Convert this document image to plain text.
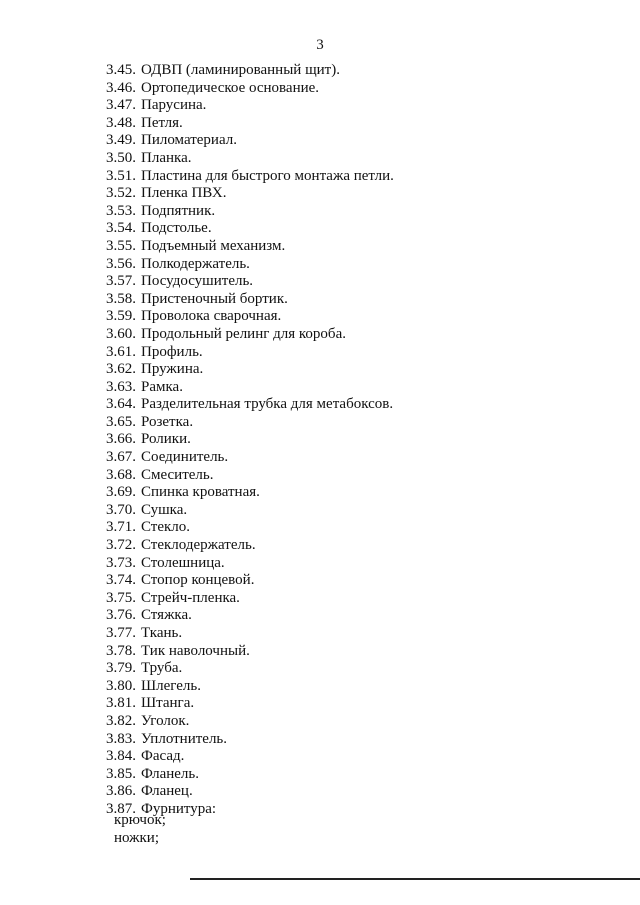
3
3.45. ОДВП (ламинированный щит).
3.46. Ортопедическое основание.
3.47. Парусина.
3.48. Петля.
3.49. Пиломатериал.
3.50. Планка.
3.51. Пластина для быстрого монтажа петли.
3.52. Пленка ПВХ.
3.53. Подпятник.
3.54. Подстолье.
3.55. Подъемный механизм.
3.56. Полкодержатель.
3.57. Посудосушитель.
3.58. Пристеночный бортик.
3.59. Проволока сварочная.
3.60. Продольный релинг для короба.
3.61. Профиль.
3.62. Пружина.
3.63. Рамка.
3.64. Разделительная трубка для метабоксов.
3.65. Розетка.
3.66. Ролики.
3.67. Соединитель.
3.68. Смеситель.
3.69. Спинка кроватная.
3.70. Сушка.
3.71. Стекло.
3.72. Стеклодержатель.
3.73. Столешница.
3.74. Стопор концевой.
3.75. Стрейч-пленка.
3.76. Стяжка.
3.77. Ткань.
3.78. Тик наволочный.
3.79. Труба.
3.80. Шлегель.
3.81. Штанга.
3.82. Уголок.
3.83. Уплотнитель.
3.84. Фасад.
3.85. Фланель.
3.86. Фланец.
3.87. Фурнитура:
крючок;
ножки;
